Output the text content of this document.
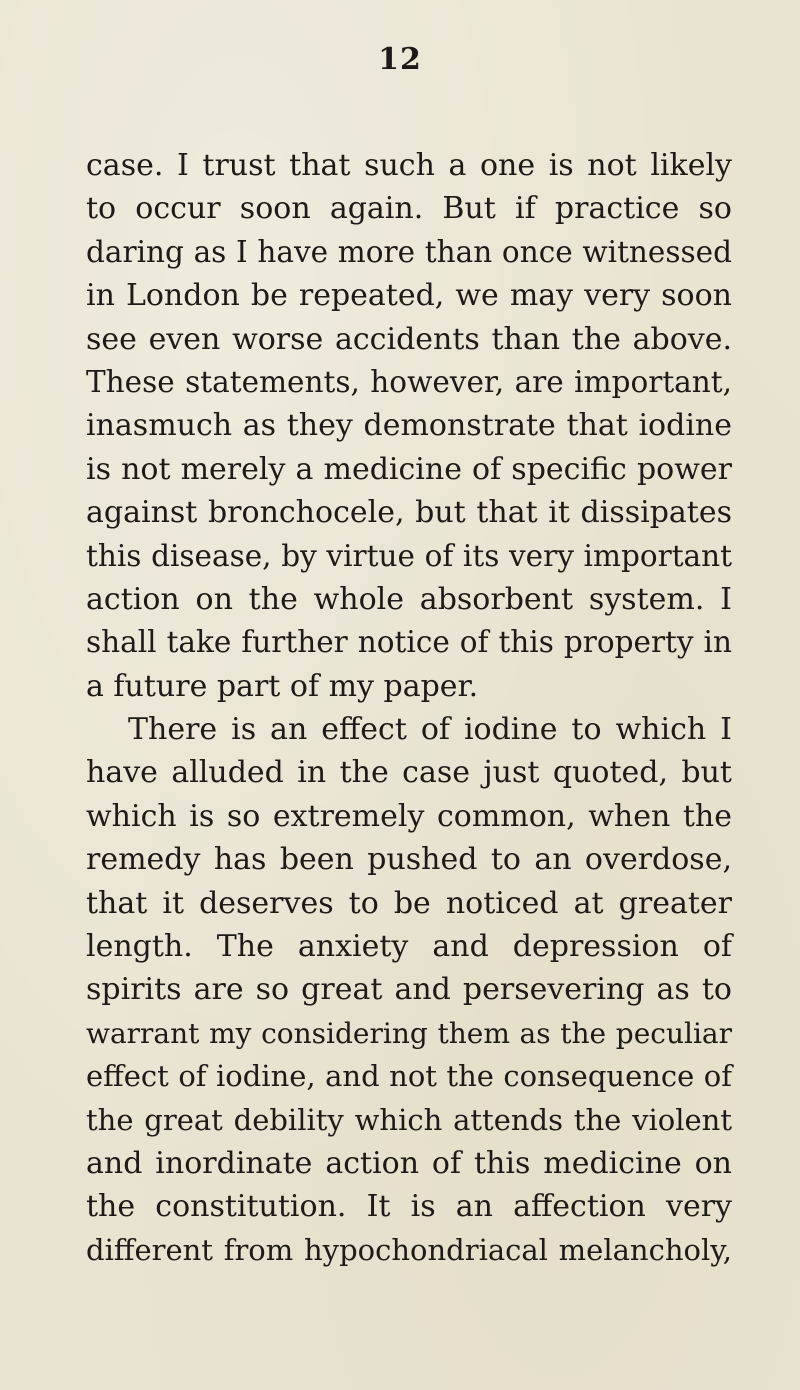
12
case. I trust that such a one is not likely
to occur soon again. But if practice so
daring as I have more than once witnessed
in London be repeated, we may very soon
see even worse accidents than the above.
These statements, however, are important,
inasmuch as they demonstrate that iodine
is not merely a medicine of specific power
against bronchocele, but that it dissipates
this disease, by virtue of its very important
action on the whole absorbent system. I
shall take further notice of this property in
a future part of my paper.
There is an effect of iodine to which I
have alluded in the case just quoted, but
which is so extremely common, when the
remedy has been pushed to an overdose,
that it deserves to be noticed at greater
length. The anxiety and depression of
spirits are so great and persevering as to
warrant my considering them as the peculiar
effect of iodine, and not the consequence of
the great debility which attends the violent
and inordinate action of this medicine on
the constitution. It is an affection very
different from hypochondriacal melancholy,
